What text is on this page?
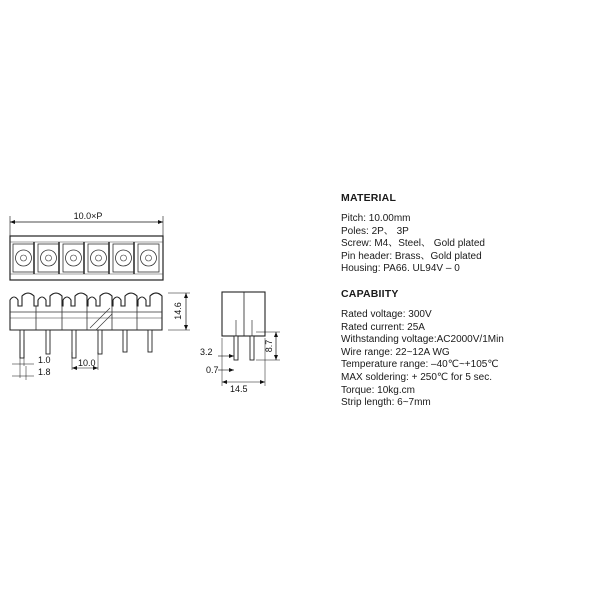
10.0×P
14.6
1.0
1.8
10.0
8.7
3.2
0.7
14.5
MATERIAL
Pitch: 10.00mm
Poles: 2P、 3P
Screw: M4、Steel、 Gold plated
Pin header: Brass、Gold plated
Housing: PA66. UL94V – 0
CAPABIITY
Rated voltage: 300V
Rated current: 25A
Withstanding voltage:AC2000V/1Min
Wire range: 22~12A WG
Temperature range: –40℃~+105℃
MAX soldering: + 250℃ for 5 sec.
Torque: 10kg.cm
Strip length: 6~7mm
